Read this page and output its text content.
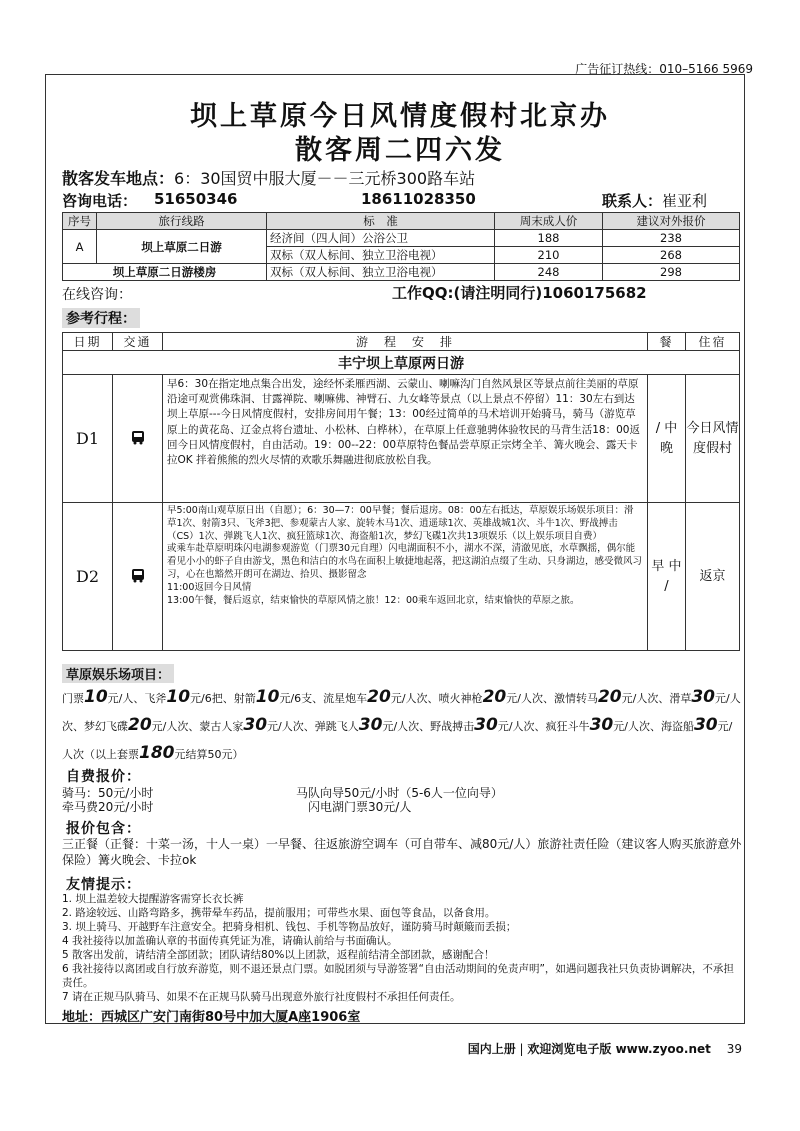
广告征订热线：010–5166 5969
坝上草原今日风情度假村北京办
散客周二四六发
散客发车地点：6：30国贸中服大厦－－三元桥300路车站
咨询电话： 51650346	18611028350	联系人：崔亚利
序号	旅行线路	标　准	周末成人价	建议对外报价
A	坝上草原二日游	经济间（四人间）公浴公卫	188	238
		双标（双人标间、独立卫浴电视）	210	268
坝上草原二日游楼房		双标（双人标间、独立卫浴电视）	248	298
在线咨询：	工作QQ:(请注明同行)1060175682
参考行程：
日期	交通	游　程　安　排	餐	住宿
丰宁坝上草原两日游				
D1		早6：30在指定地点集合出发，途经怀柔雁西湖、云蒙山、喇嘛沟门自然风景区等景点前往美丽的草原沿途可观赏佛珠洞、甘露禅院、喇嘛佛、神臂石、九女峰等景点（以上景点不停留）11：30左右到达坝上草原---今日风情度假村，安排房间用午餐；13：00经过简单的马术培训开始骑马，骑马（游览草原上的黄花岛、辽金点将台遗址、小松林、白桦林），在草原上任意驰骋体验牧民的马背生活18：00返回今日风情度假村，自由活动。19：00--22：00草原特色餐品尝草原正宗烤全羊、篝火晚会、露天卡拉OK 拌着熊熊的烈火尽情的欢歌乐舞融进彻底放松自我。	/ 中 晚	今日风情度假村
D2		早5:00南山观草原日出（自愿）；6：30—7：00早餐；餐后退房。08：00左右抵达，草原娱乐场娱乐项目：滑草1次、射箭3只、飞斧3把、参观蒙古人家、旋转木马1次、逍遥球1次、英雄战城1次、斗牛1次、野战搏击（CS）1次、弹跳飞人1次、疯狂篮球1次、海盗船1次，梦幻飞碟1次共13项娱乐（以上娱乐项目自费）
或乘车赴草原明珠闪电湖参观游览（门票30元自理）闪电湖面积不小，湖水不深，清澈见底，水草飘摇，偶尔能看见小小的虾子自由游戈，黑色和洁白的水鸟在面积上敏捷地起落，把这湖泊点缀了生动、只身湖边，感受微风习习，心在也豁然开朗可在湖边、拾贝、摄影留念
11:00返回今日风情
13:00午餐，餐后返京，结束愉快的草原风情之旅！12：00乘车返回北京，结束愉快的草原之旅。	早 中 /	返京
草原娱乐场项目：
门票10元/人、飞斧10元/6把、射箭10元/6支、流星炮车20元/人次、喷火神枪20元/人次、激情转马20元/人次、滑草30元/人次、梦幻飞碟20元/人次、蒙古人家30元/人次、弹跳飞人30元/人次、野战搏击30元/人次、疯狂斗牛30元/人次、海盗船30元/人次（以上套票180元结算50元）
自费报价：
骑马：50元/小时
牵马费20元/小时
马队向导50元/小时（5-6人一位向导）
闪电湖门票30元/人
报价包含：
三正餐（正餐：十菜一汤，十人一桌）一早餐、往返旅游空调车（可自带车、减80元/人）旅游社责任险（建议客人购买旅游意外保险）篝火晚会、卡拉ok
友情提示：
1. 坝上温差较大提醒游客需穿长衣长裤
2. 路途较远、山路弯路多，携带晕车药品，提前服用；可带些水果、面包等食品，以备食用。
3. 坝上骑马、开越野车注意安全。把骑身相机、钱包、手机等物品放好，谨防骑马时颠簸而丢损；
4 我社接待以加盖确认章的书面传真凭证为准，请确认前给与书面确认。
5 散客出发前，请结清全部团款；团队请结80%以上团款，返程前结清全部团款，感谢配合！
6 我社接待以离团或自行放弃游览，则不退还景点门票。如脱团须与导游签署“自由活动期间的免责声明”，如遇问题我社只负责协调解决，不承担责任。
7 请在正规马队骑马、如果不在正规马队骑马出现意外旅行社度假村不承担任何责任。
地址：西城区广安门南街80号中加大厦A座1906室
国内上册 | 欢迎浏览电子版 www.zyoo.net 39
